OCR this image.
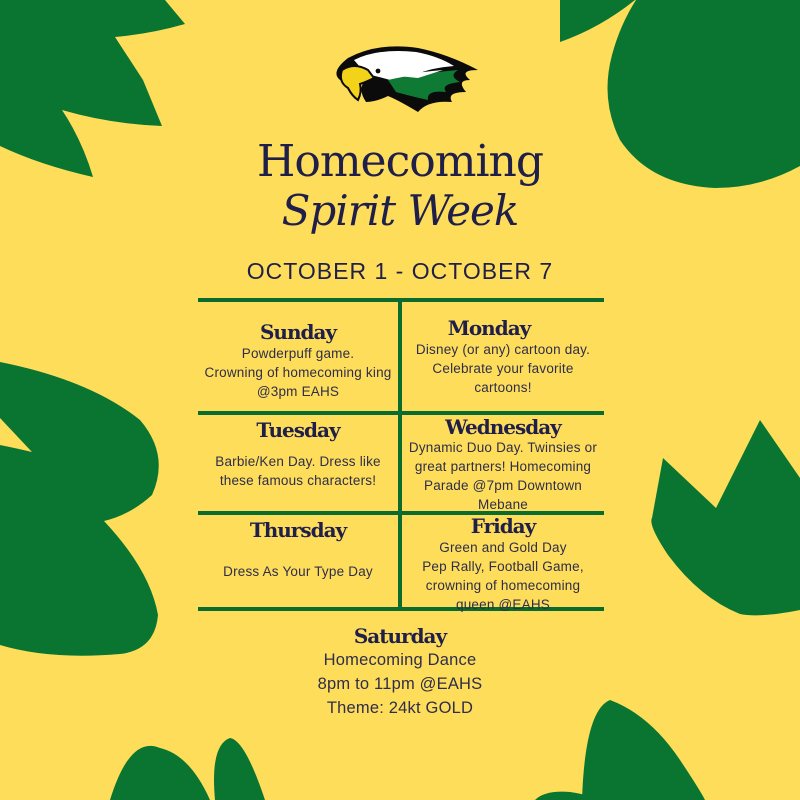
Homecoming
Spirit Week
OCTOBER 1 - OCTOBER 7
Sunday
Powderpuff game.
Crowning of homecoming king
@3pm EAHS
Monday
Disney (or any) cartoon day.
Celebrate your favorite
cartoons!
Tuesday
Barbie/Ken Day. Dress like
these famous characters!
Wednesday
Dynamic Duo Day. Twinsies or
great partners! Homecoming
Parade @7pm Downtown
Mebane
Thursday
Dress As Your Type Day
Friday
Green and Gold Day
Pep Rally, Football Game,
crowning of homecoming
queen @EAHS
Saturday
Homecoming Dance
8pm to 11pm @EAHS
Theme: 24kt GOLD
